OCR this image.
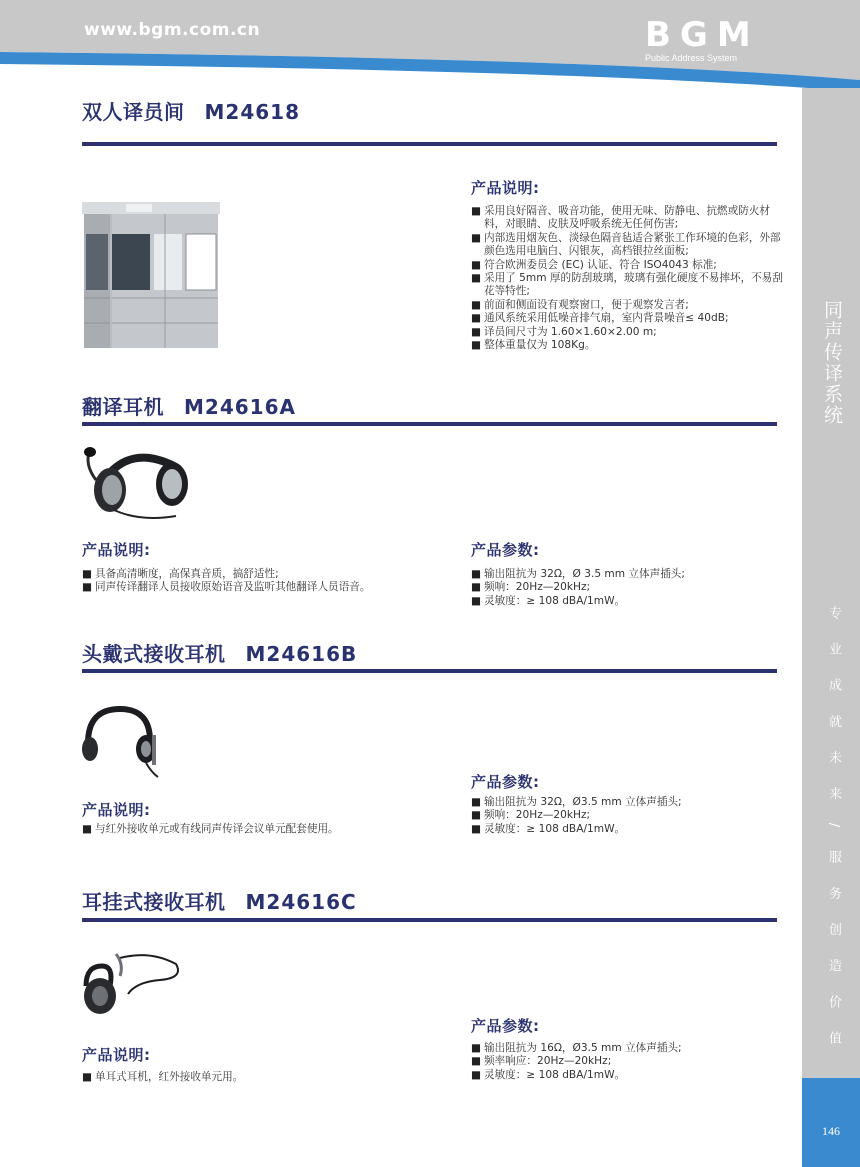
www.bgm.com.cn	BGM
Public Address System
同声传译系统
专 业 成 就 未 来 / 服 务 创 造 价 值
146
双人译员间 M24618
产品说明:
■ 采用良好隔音、吸音功能，使用无味、防静电、抗燃或防火材料，对眼睛、皮肤及呼吸系统无任何伤害;
■ 内部选用烟灰色、淡绿色隔音毡适合紧张工作环境的色彩，外部颜色选用电脑白、闪银灰，高档银拉丝面板;
■ 符合欧洲委员会 (EC) 认证、符合 ISO4043 标准;
■ 采用了 5mm 厚的防刮玻璃，玻璃有强化硬度不易摔坏，不易刮花等特性;
■ 前面和侧面设有观察窗口，便于观察发言者;
■ 通风系统采用低噪音排气扇，室内背景噪音≤ 40dB;
■ 译员间尺寸为 1.60×1.60×2.00 m;
■ 整体重量仅为 108Kg。
翻译耳机 M24616A
产品说明:
■ 具备高清晰度，高保真音质，搞舒适性;
■ 同声传译翻译人员接收原始语音及监听其他翻译人员语音。
产品参数:
■ 输出阻抗为 32Ω，Ø 3.5 mm 立体声插头;
■ 频响：20Hz—20kHz;
■ 灵敏度：≥ 108 dBA/1mW。
头戴式接收耳机 M24616B
产品说明:
■ 与红外接收单元或有线同声传译会议单元配套使用。
产品参数:
■ 输出阻抗为 32Ω，Ø3.5 mm 立体声插头;
■ 频响：20Hz—20kHz;
■ 灵敏度：≥ 108 dBA/1mW。
耳挂式接收耳机 M24616C
产品说明:
■ 单耳式耳机，红外接收单元用。
产品参数:
■ 输出阻抗为 16Ω，Ø3.5 mm 立体声插头;
■ 频率响应：20Hz—20kHz;
■ 灵敏度：≥ 108 dBA/1mW。
